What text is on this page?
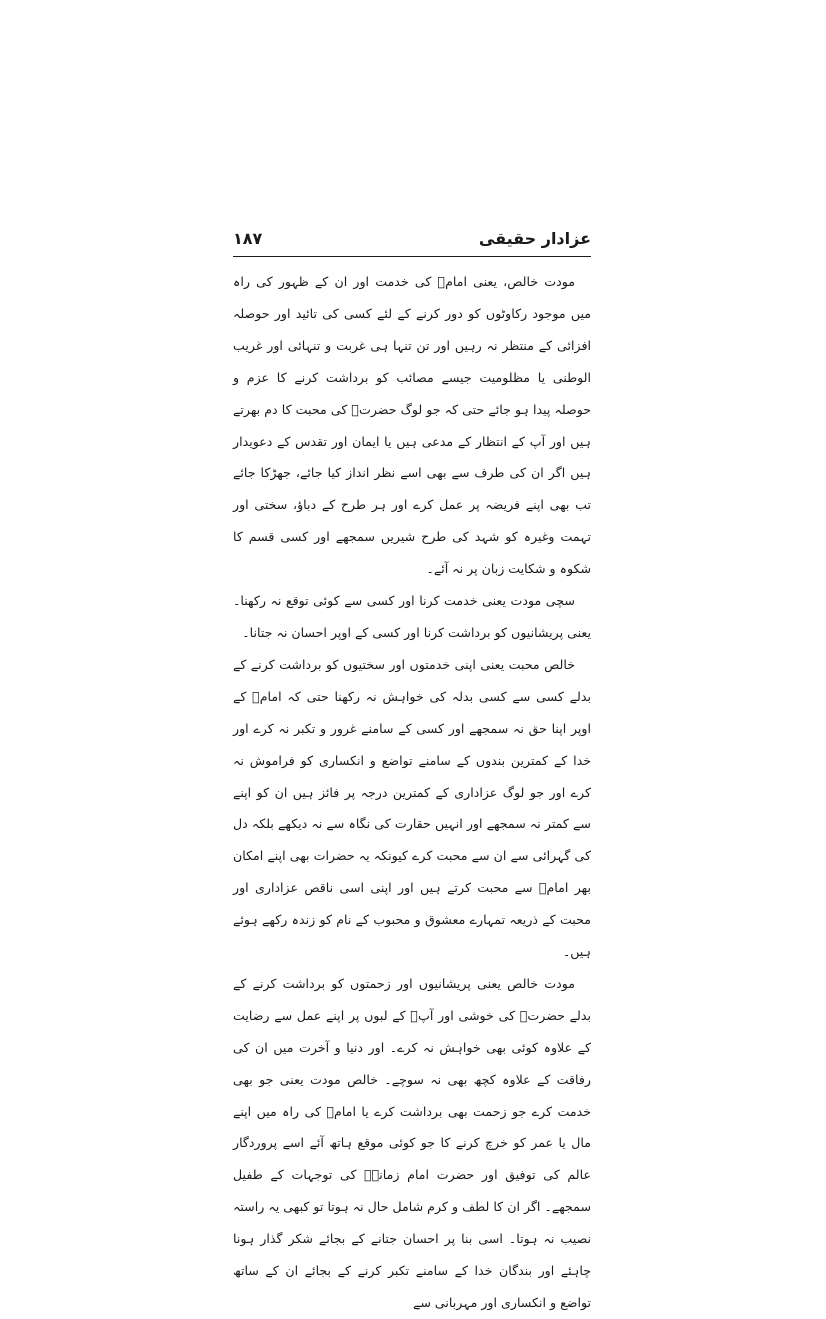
عزادار حقیقی
۱۸۷

مودت خالص، یعنی امامؑ کی خدمت اور ان کے ظہور کی راہ میں موجود رکاوٹوں کو دور کرنے کے لئے کسی کی تائید اور حوصلہ افزائی کے منتظر نہ رہیں اور تن تنہا ہی غربت و تنہائی اور غریب الوطنی یا مظلومیت جیسے مصائب کو برداشت کرنے کا عزم و حوصلہ پیدا ہو جائے حتی کہ جو لوگ حضرتؑ کی محبت کا دم بھرتے ہیں اور آپ کے انتظار کے مدعی ہیں یا ایمان اور تقدس کے دعویدار ہیں اگر ان کی طرف سے بھی اسے نظر انداز کیا جائے، جھڑکا جائے تب بھی اپنے فریضہ پر عمل کرے اور ہر طرح کے دباؤ، سختی اور تہمت وغیرہ کو شہد کی طرح شیریں سمجھے اور کسی قسم کا شکوہ و شکایت زبان پر نہ آئے۔

سچی مودت یعنی خدمت کرنا اور کسی سے کوئی توقع نہ رکھنا۔ یعنی پریشانیوں کو برداشت کرنا اور کسی کے اوپر احسان نہ جتانا۔

خالص محبت یعنی اپنی خدمتوں اور سختیوں کو برداشت کرنے کے بدلے کسی سے کسی بدلہ کی خواہش نہ رکھنا حتی کہ امامؑ کے اوپر اپنا حق نہ سمجھے اور کسی کے سامنے غرور و تکبر نہ کرے اور خدا کے کمترین بندوں کے سامنے تواضع و انکساری کو فراموش نہ کرے اور جو لوگ عزاداری کے کمترین درجہ پر فائز ہیں ان کو اپنے سے کمتر نہ سمجھے اور انہیں حقارت کی نگاہ سے نہ دیکھے بلکہ دل کی گہرائی سے ان سے محبت کرے کیونکہ یہ حضرات بھی اپنے امکان بھر امامؑ سے محبت کرتے ہیں اور اپنی اسی ناقص عزاداری اور محبت کے ذریعہ تمہارے معشوق و محبوب کے نام کو زندہ رکھے ہوئے ہیں۔

مودت خالص یعنی پریشانیوں اور زحمتوں کو برداشت کرنے کے بدلے حضرتؑ کی خوشی اور آپؑ کے لبوں پر اپنے عمل سے رضایت کے علاوہ کوئی بھی خواہش نہ کرے۔ اور دنیا و آخرت میں ان کی رفاقت کے علاوہ کچھ بھی نہ سوچے۔ خالص مودت یعنی جو بھی خدمت کرے جو زحمت بھی برداشت کرے یا امامؑ کی راہ میں اپنے مال یا عمر کو خرچ کرنے کا جو کوئی موقع ہاتھ آئے اسے پروردگار عالم کی توفیق اور حضرت امام زمانہؑ کی توجہات کے طفیل سمجھے۔ اگر ان کا لطف و کرم شامل حال نہ ہوتا تو کبھی یہ راستہ نصیب نہ ہوتا۔ اسی بنا پر احسان جتانے کے بجائے شکر گذار ہونا چاہئے اور بندگان خدا کے سامنے تکبر کرنے کے بجائے ان کے ساتھ تواضع و انکساری اور مہربانی سے
